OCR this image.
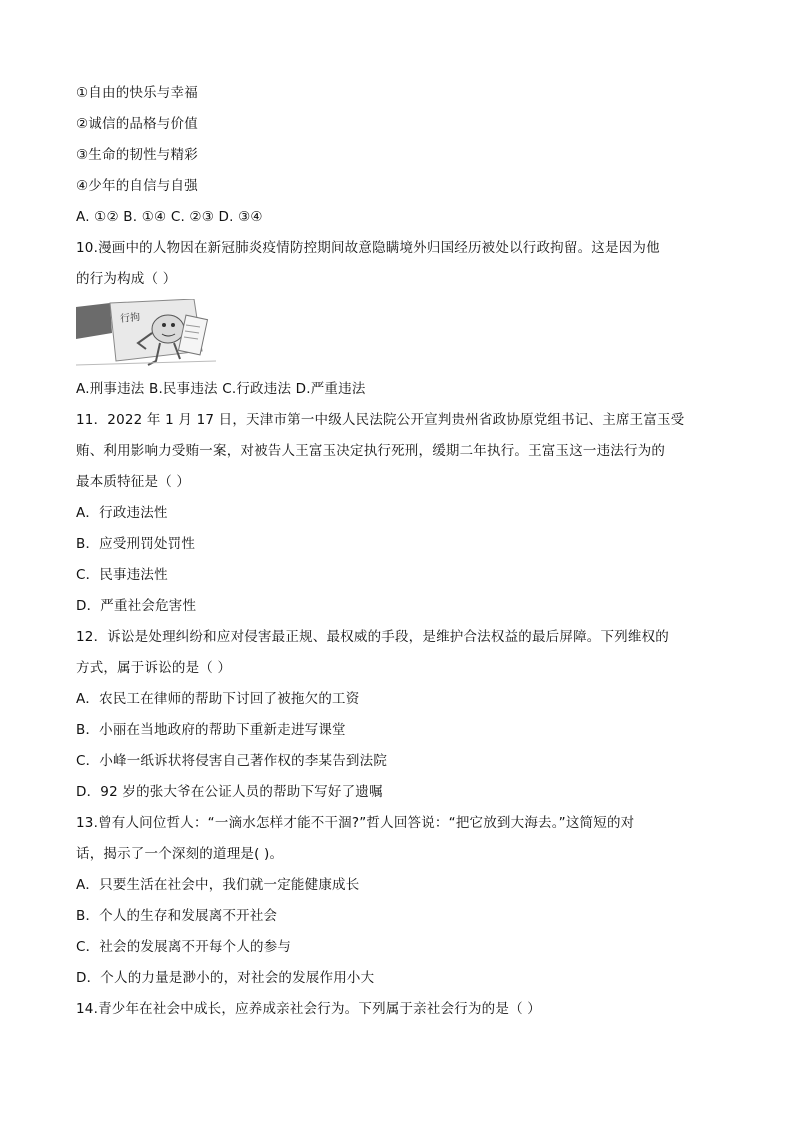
①自由的快乐与幸福
②诚信的品格与价值
③生命的韧性与精彩
④少年的自信与自强
A. ①② B. ①④ C. ②③ D. ③④
10.漫画中的人物因在新冠肺炎疫情防控期间故意隐瞒境外归国经历被处以行政拘留。这是因为他
的行为构成（ ）
行拘
A.刑事违法 B.民事违法 C.行政违法 D.严重违法
11．2022 年 1 月 17 日，天津市第一中级人民法院公开宣判贵州省政协原党组书记、主席王富玉受
贿、利用影响力受贿一案，对被告人王富玉决定执行死刑，缓期二年执行。王富玉这一违法行为的
最本质特征是（ ）
A．行政违法性
B．应受刑罚处罚性
C．民事违法性
D．严重社会危害性
12．诉讼是处理纠纷和应对侵害最正规、最权威的手段，是维护合法权益的最后屏障。下列维权的
方式，属于诉讼的是（ ）
A．农民工在律师的帮助下讨回了被拖欠的工资
B．小丽在当地政府的帮助下重新走进写课堂
C．小峰一纸诉状将侵害自己著作权的李某告到法院
D．92 岁的张大爷在公证人员的帮助下写好了遗嘱
13.曾有人问位哲人：“一滴水怎样才能不干涸?”哲人回答说：“把它放到大海去。”这简短的对
话，揭示了一个深刻的道理是( )。
A．只要生活在社会中，我们就一定能健康成长
B．个人的生存和发展离不开社会
C．社会的发展离不开每个人的参与
D．个人的力量是渺小的，对社会的发展作用小大
14.青少年在社会中成长，应养成亲社会行为。下列属于亲社会行为的是（ ）
